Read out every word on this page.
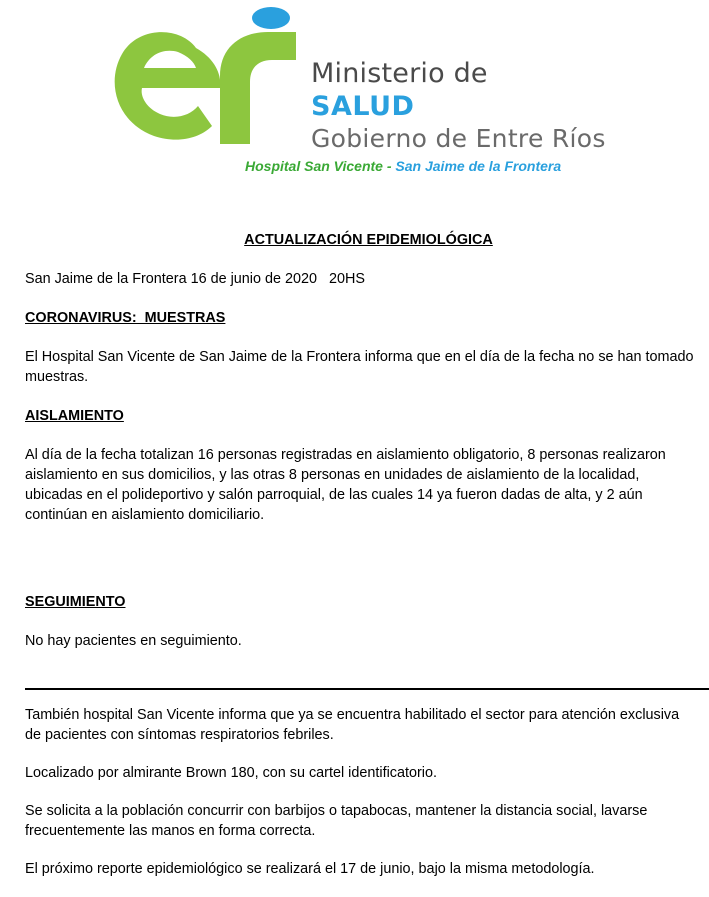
Ministerio de
SALUD
Gobierno de Entre Ríos
Hospital San Vicente - San Jaime de la Frontera
ACTUALIZACIÓN EPIDEMIOLÓGICA
San Jaime de la Frontera 16 de junio de 2020   20HS
CORONAVIRUS:  MUESTRAS
El Hospital San Vicente de San Jaime de la Frontera informa que en el día de la fecha no se han tomado muestras.
AISLAMIENTO
Al día de la fecha totalizan 16 personas registradas en aislamiento obligatorio, 8 personas realizaron aislamiento en sus domicilios, y las otras 8 personas en unidades de aislamiento de la localidad, ubicadas en el polideportivo y salón parroquial, de las cuales 14 ya fueron dadas de alta, y 2 aún continúan en aislamiento domiciliario.
SEGUIMIENTO
No hay pacientes en seguimiento.
También hospital San Vicente informa que ya se encuentra habilitado el sector para atención exclusiva de pacientes con síntomas respiratorios febriles.
Localizado por almirante Brown 180, con su cartel identificatorio.
Se solicita a la población concurrir con barbijos o tapabocas, mantener la distancia social, lavarse frecuentemente las manos en forma correcta.
El próximo reporte epidemiológico se realizará el 17 de junio, bajo la misma metodología.
